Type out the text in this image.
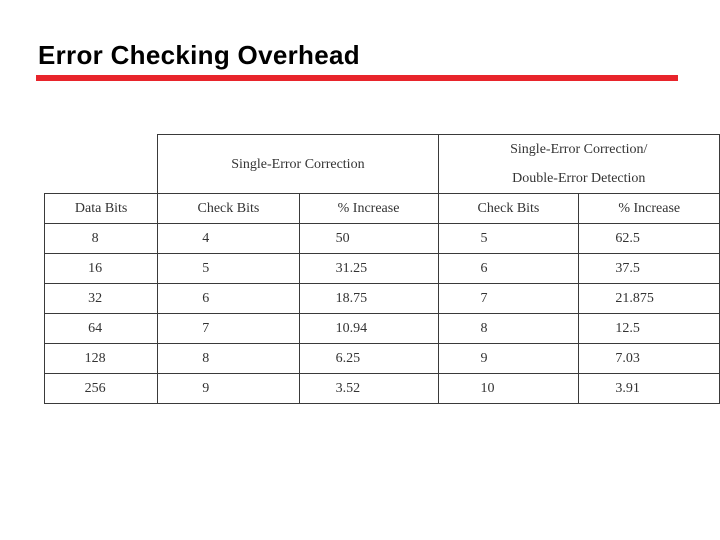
Error Checking Overhead

	Single-Error Correction		Single-Error Correction/
Double-Error Detection	

Data Bits	Check Bits	% Increase	Check Bits	% Increase
8	4	50	5	62.5
16	5	31.25	6	37.5
32	6	18.75	7	21.875
64	7	10.94	8	12.5
128	8	6.25	9	7.03
256	9	3.52	10	3.91
